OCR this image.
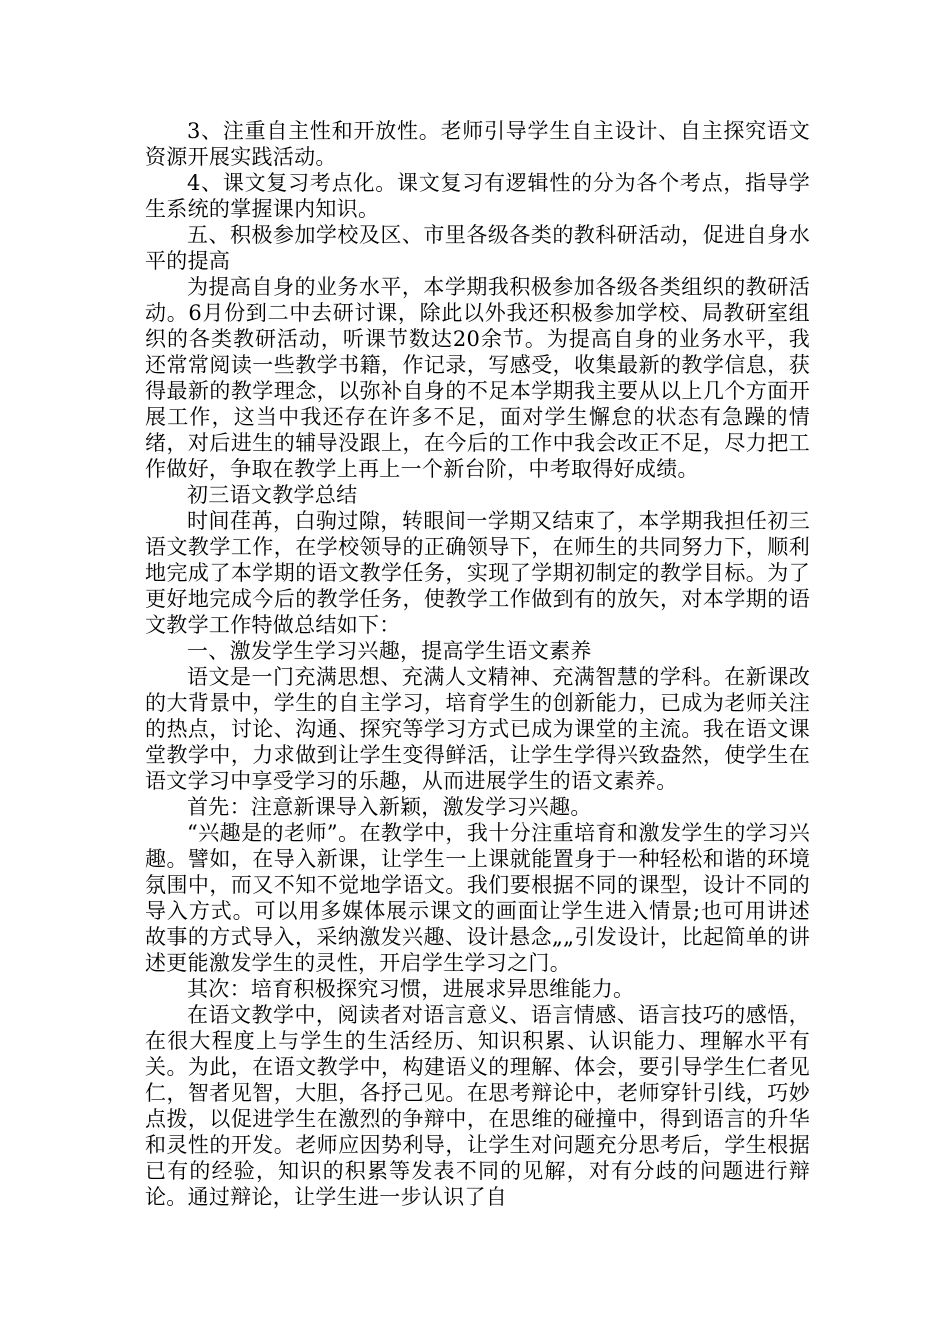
3、注重自主性和开放性。老师引导学生自主设计、自主探究语文资源开展实践活动。

4、课文复习考点化。课文复习有逻辑性的分为各个考点，指导学生系统的掌握课内知识。

五、积极参加学校及区、市里各级各类的教科研活动，促进自身水平的提高

为提高自身的业务水平，本学期我积极参加各级各类组织的教研活动。6月份到二中去研讨课，除此以外我还积极参加学校、局教研室组织的各类教研活动，听课节数达20余节。为提高自身的业务水平，我还常常阅读一些教学书籍，作记录，写感受，收集最新的教学信息，获得最新的教学理念，以弥补自身的不足本学期我主要从以上几个方面开展工作，这当中我还存在许多不足，面对学生懈怠的状态有急躁的情绪，对后进生的辅导没跟上，在今后的工作中我会改正不足，尽力把工作做好，争取在教学上再上一个新台阶，中考取得好成绩。

初三语文教学总结

时间荏苒，白驹过隙，转眼间一学期又结束了，本学期我担任初三语文教学工作，在学校领导的正确领导下，在师生的共同努力下，顺利地完成了本学期的语文教学任务，实现了学期初制定的教学目标。为了更好地完成今后的教学任务，使教学工作做到有的放矢，对本学期的语文教学工作特做总结如下：

一、激发学生学习兴趣，提高学生语文素养

语文是一门充满思想、充满人文精神、充满智慧的学科。在新课改的大背景中，学生的自主学习，培育学生的创新能力，已成为老师关注的热点，讨论、沟通、探究等学习方式已成为课堂的主流。我在语文课堂教学中，力求做到让学生变得鲜活，让学生学得兴致盎然，使学生在语文学习中享受学习的乐趣，从而进展学生的语文素养。

首先：注意新课导入新颖，激发学习兴趣。

“兴趣是的老师”。在教学中，我十分注重培育和激发学生的学习兴趣。譬如，在导入新课，让学生一上课就能置身于一种轻松和谐的环境氛围中，而又不知不觉地学语文。我们要根据不同的课型，设计不同的导入方式。可以用多媒体展示课文的画面让学生进入情景;也可用讲述故事的方式导入，采纳激发兴趣、设计悬念„„引发设计，比起简单的讲述更能激发学生的灵性，开启学生学习之门。

其次：培育积极探究习惯，进展求异思维能力。

在语文教学中，阅读者对语言意义、语言情感、语言技巧的感悟，在很大程度上与学生的生活经历、知识积累、认识能力、理解水平有关。为此，在语文教学中，构建语义的理解、体会，要引导学生仁者见仁，智者见智，大胆，各抒己见。在思考辩论中，老师穿针引线，巧妙点拨，以促进学生在激烈的争辩中，在思维的碰撞中，得到语言的升华和灵性的开发。老师应因势利导，让学生对问题充分思考后，学生根据已有的经验，知识的积累等发表不同的见解，对有分歧的问题进行辩论。通过辩论，让学生进一步认识了自
